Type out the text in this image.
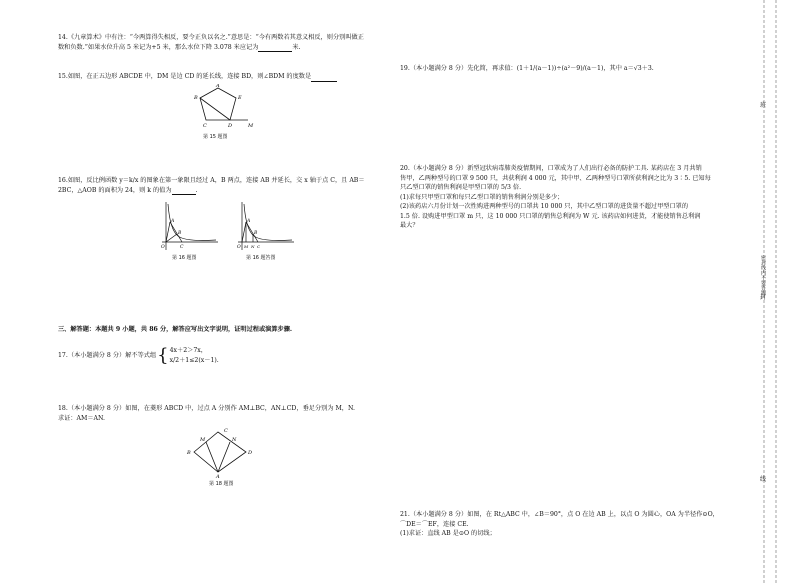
14.《九章算术》中有注：“今两算得失相反，要令正负以名之.”意思是：“今有两数若其意义相反，则分别叫做正

数和负数.”如果水位升高 5 米记为+5 米，那么水位下降 3.078 米应记为	米.

15.如图，在正五边形 ABCDE 中，DM 是边 CD 的延长线，连接 BD，则∠BDM 的度数是

A
B	E
C	D	M
第 15 题图

16.如图，反比例函数 y＝k/x 的图象在第一象限且经过 A，B 两点，连接 AB 并延长，交 x 轴于点 C，且 AB＝

2BC，△AOB 的面积为 24，则 k 的值为	.

A
B
C
O
第 16 题图
A
B
M N C
O
第 16 题答图
三、解答题：本题共 9 小题，共 86 分，解答应写出文字说明，证明过程或演算步骤.
17.（本小题满分 8 分）解不等式组 { 4x＋2＞7x，
x/2＋1≤2(x－1).

18.（本小题满分 8 分）如图，在菱形 ABCD 中，过点 A 分别作 AM⊥BC，AN⊥CD，垂足分别为 M，N.

求证：AM＝AN.

B
C
D
A
M	N
第 18 题图

19.（本小题满分 8 分）先化简，再求值：(1＋1/(a－1))÷(a²－9)/(a－1)，其中 a＝√3＋3.

20.（本小题满分 8 分）新型冠状病毒肺炎疫情期间，口罩成为了人们出行必备的防护工具. 某药店在 3 月共销

售甲，乙两种型号的口罩 9 500 只，共获利润 4 000 元，其中甲、乙两种型号口罩所获利润之比为 3∶5. 已知每

只乙型口罩的销售利润是甲型口罩的 5/3 倍.

(1)求每只甲型口罩和每只乙型口罩的销售利润分别是多少；

(2)该药店六月份计划一次性购进两种型号的口罩共 10 000 只，其中乙型口罩的进货量不超过甲型口罩的

1.5 倍. 设购进甲型口罩 m 只，这 10 000 只口罩的销售总利润为 W 元. 该药店如何进货，才能使销售总利润

最大？

21.（本小题满分 8 分）如图，在 Rt△ABC 中，∠B＝90°，点 O 在边 AB 上，以点 O 为圆心，OA 为半径作⊙O，

⌒DE＝⌒EF，连接 CE.

(1)求证：直线 AB 是⊙O 的切线；

班
密封线内不要答题
封
线
